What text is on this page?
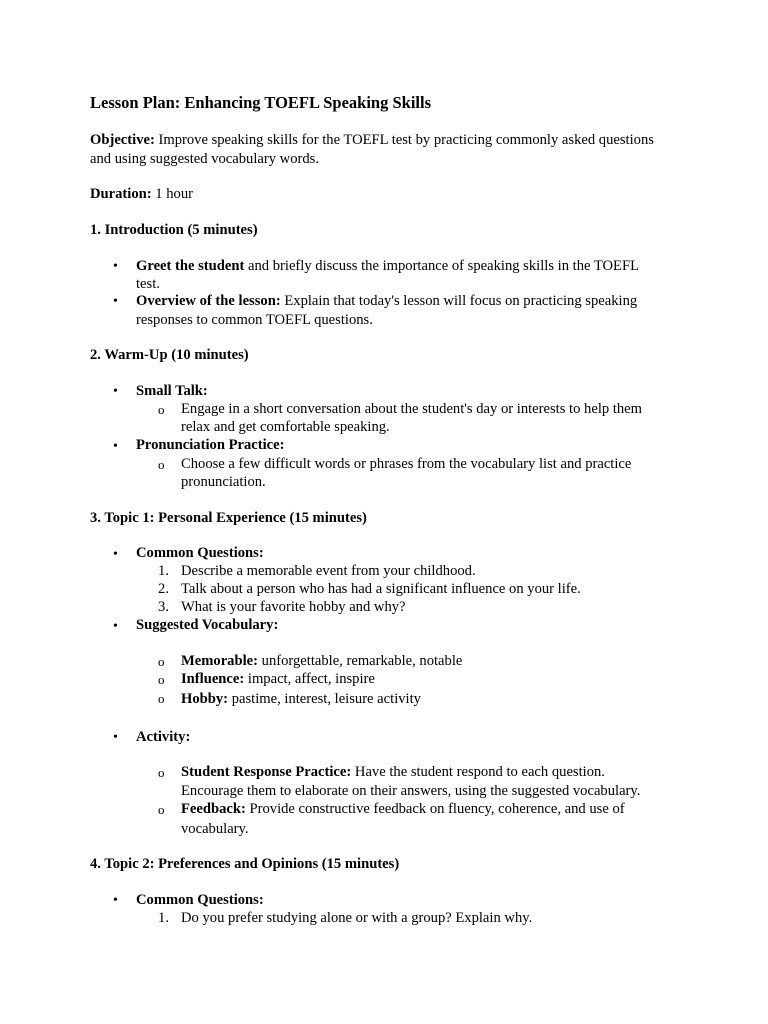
Lesson Plan: Enhancing TOEFL Speaking Skills
Objective: Improve speaking skills for the TOEFL test by practicing commonly asked questions
and using suggested vocabulary words.
Duration: 1 hour
1. Introduction (5 minutes)
• Greet the student and briefly discuss the importance of speaking skills in the TOEFL
test.
• Overview of the lesson: Explain that today's lesson will focus on practicing speaking
responses to common TOEFL questions.
2. Warm-Up (10 minutes)
• Small Talk:
o Engage in a short conversation about the student's day or interests to help them
relax and get comfortable speaking.
• Pronunciation Practice:
o Choose a few difficult words or phrases from the vocabulary list and practice
pronunciation.
3. Topic 1: Personal Experience (15 minutes)
• Common Questions:
1. Describe a memorable event from your childhood.
2. Talk about a person who has had a significant influence on your life.
3. What is your favorite hobby and why?
• Suggested Vocabulary:
o Memorable: unforgettable, remarkable, notable
o Influence: impact, affect, inspire
o Hobby: pastime, interest, leisure activity
• Activity:
o Student Response Practice: Have the student respond to each question.
Encourage them to elaborate on their answers, using the suggested vocabulary.
o Feedback: Provide constructive feedback on fluency, coherence, and use of
vocabulary.
4. Topic 2: Preferences and Opinions (15 minutes)
• Common Questions:
1. Do you prefer studying alone or with a group? Explain why.
